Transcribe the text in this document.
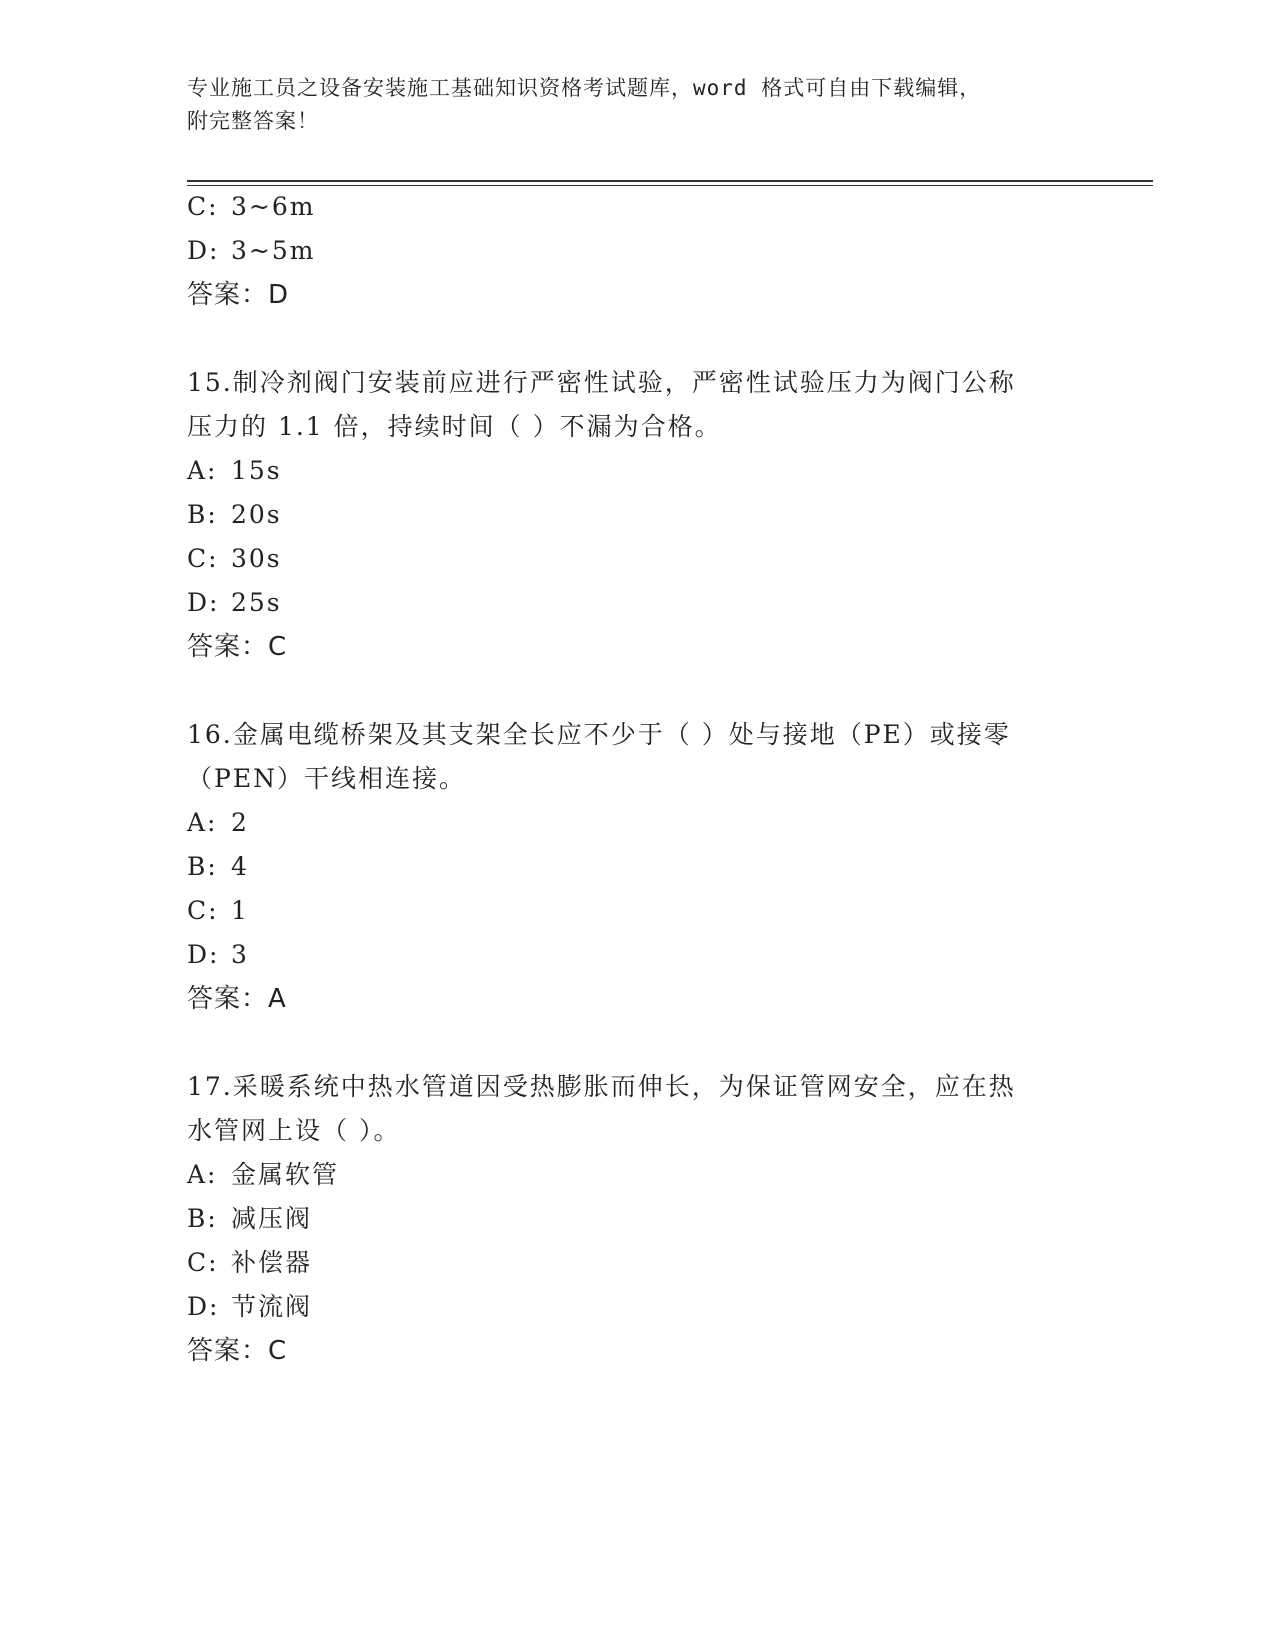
专业施工员之设备安装施工基础知识资格考试题库，word 格式可自由下载编辑，
附完整答案！
C: 3~6m
D: 3~5m
答案：D
15.制冷剂阀门安装前应进行严密性试验，严密性试验压力为阀门公称
压力的 1.1 倍，持续时间（ ）不漏为合格。
A: 15s
B: 20s
C: 30s
D: 25s
答案：C
16.金属电缆桥架及其支架全长应不少于（ ）处与接地（PE）或接零
（PEN）干线相连接。
A: 2
B: 4
C: 1
D: 3
答案：A
17.采暖系统中热水管道因受热膨胀而伸长，为保证管网安全，应在热
水管网上设（ ）。
A: 金属软管
B: 减压阀
C: 补偿器
D: 节流阀
答案：C
